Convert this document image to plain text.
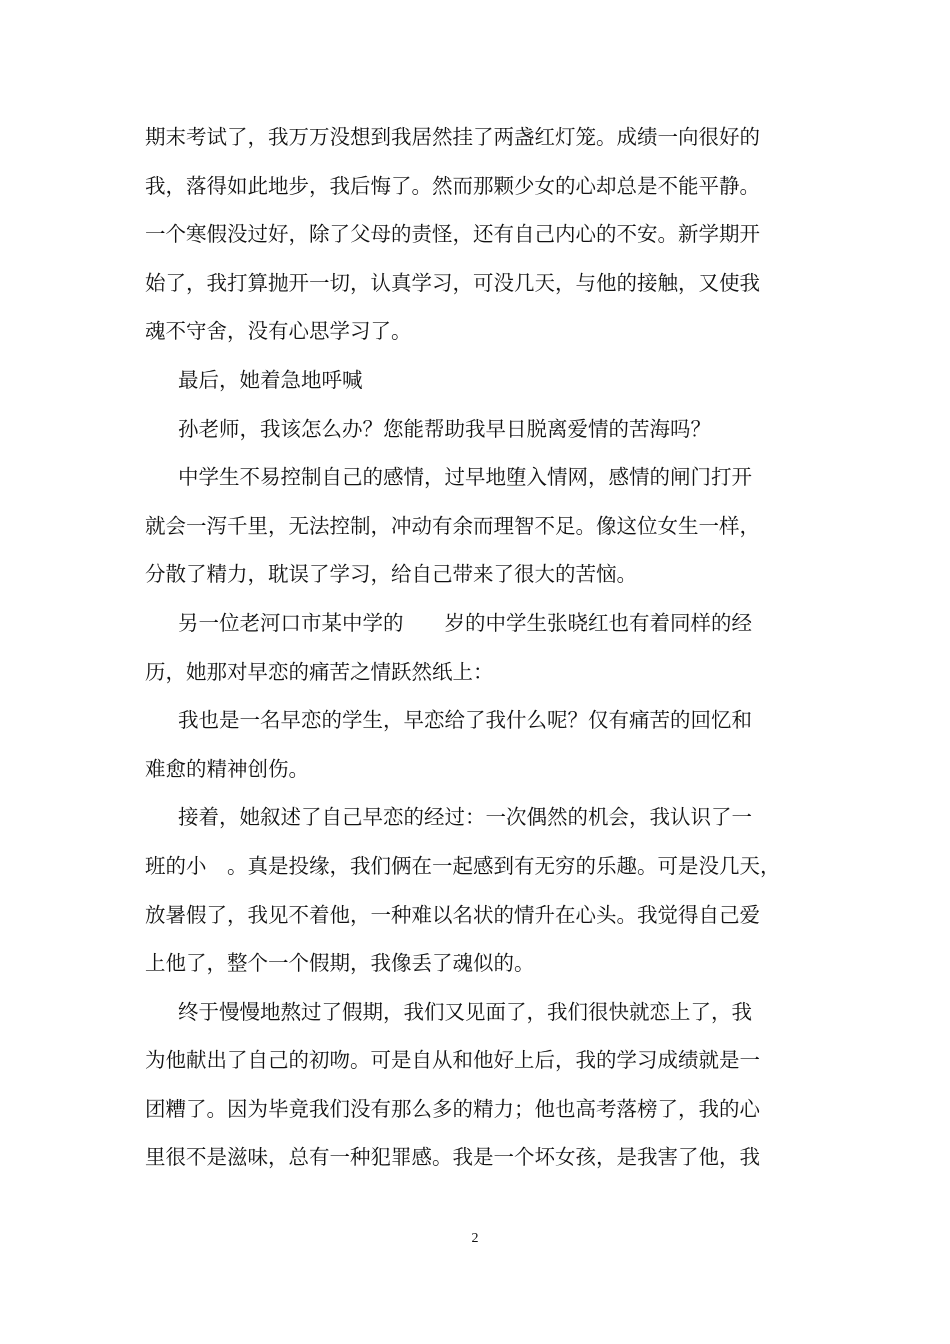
期末考试了，我万万没想到我居然挂了两盏红灯笼。成绩一向很好的
我，落得如此地步，我后悔了。然而那颗少女的心却总是不能平静。
一个寒假没过好，除了父母的责怪，还有自己内心的不安。新学期开
始了，我打算抛开一切，认真学习，可没几天，与他的接触，又使我
魂不守舍，没有心思学习了。
最后，她着急地呼喊
孙老师，我该怎么办？您能帮助我早日脱离爱情的苦海吗？
中学生不易控制自己的感情，过早地堕入情网，感情的闸门打开
就会一泻千里，无法控制，冲动有余而理智不足。像这位女生一样，
分散了精力，耽误了学习，给自己带来了很大的苦恼。
另一位老河口市某中学的　　岁的中学生张晓红也有着同样的经
历，她那对早恋的痛苦之情跃然纸上：
我也是一名早恋的学生，早恋给了我什么呢？仅有痛苦的回忆和
难愈的精神创伤。
接着，她叙述了自己早恋的经过：一次偶然的机会，我认识了一
班的小　。真是投缘，我们俩在一起感到有无穷的乐趣。可是没几天，
放暑假了，我见不着他，一种难以名状的情升在心头。我觉得自己爱
上他了，整个一个假期，我像丢了魂似的。
终于慢慢地熬过了假期，我们又见面了，我们很快就恋上了，我
为他献出了自己的初吻。可是自从和他好上后，我的学习成绩就是一
团糟了。因为毕竟我们没有那么多的精力；他也高考落榜了，我的心
里很不是滋味，总有一种犯罪感。我是一个坏女孩，是我害了他，我
2
